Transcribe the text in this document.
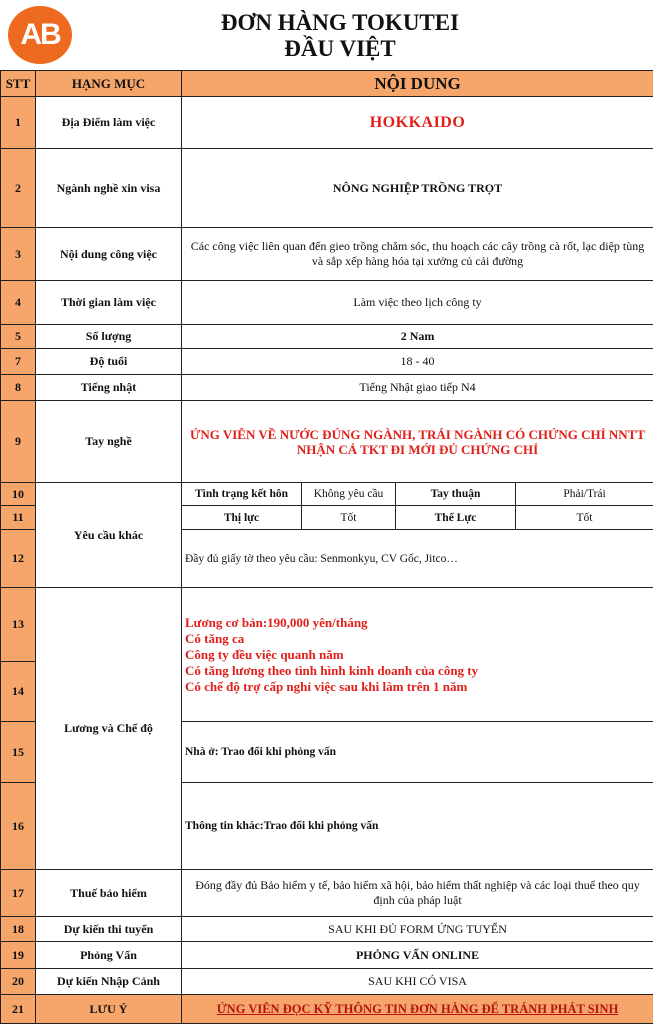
AB	ĐƠN HÀNG TOKUTEI
ĐẦU VIỆT
STT	HẠNG MỤC	NỘI DUNG			
1	Địa Điểm làm việc	HOKKAIDO			
2	Ngành nghề xin visa	NÔNG NGHIỆP TRỒNG TRỌT			
3	Nội dung công việc	Các công việc liên quan đến gieo trồng chăm sóc, thu hoạch các cây trồng cà rốt, lạc diệp tùng và sắp xếp hàng hóa tại xưởng củ cải đường			
4	Thời gian làm việc	Làm việc theo lịch công ty			
5	Số lượng	2 Nam			
7	Độ tuổi	18 - 40			
8	Tiếng nhật	Tiếng Nhật giao tiếp N4			
9	Tay nghề	ỨNG VIÊN VỀ NƯỚC ĐÚNG NGÀNH, TRÁI NGÀNH CÓ CHỨNG CHỈ NNTT
NHẬN CẢ TKT ĐI MỚI ĐỦ CHỨNG CHỈ			

10	Yêu cầu khác	Tình trạng kết hôn	Không yêu cầu	Tay thuận	Phải/Trái
11		Thị lực	Tốt	Thể Lực	Tốt
12		Đầy đủ giấy tờ theo yêu cầu: Senmonkyu, CV Gốc, Jitco…			
13	Lương và Chế độ	Lương cơ bản:190,000 yên/tháng
Có tăng ca
Công ty đều việc quanh năm
Có tăng lương theo tình hình kinh doanh của công ty
Có chế độ trợ cấp nghỉ việc sau khi làm trên 1 năm			

14					
15		Nhà ở: Trao đổi khi phỏng vấn			
16		Thông tin khác:Trao đổi khi phỏng vấn			
17	Thuế bảo hiểm	Đóng đầy đủ Bảo hiểm y tế, bảo hiểm xã hội, bảo hiểm thất nghiệp và các loại thuế theo quy định của pháp luật			
18	Dự kiến thi tuyển	SAU KHI ĐỦ FORM ỨNG TUYỂN			
19	Phỏng Vấn	PHỎNG VẤN ONLINE			
20	Dự kiến Nhập Cảnh	SAU KHI CÓ VISA			
21	LƯU Ý	ỨNG VIÊN ĐỌC KỸ THÔNG TIN ĐƠN HÀNG ĐỂ TRÁNH PHÁT SINH			
